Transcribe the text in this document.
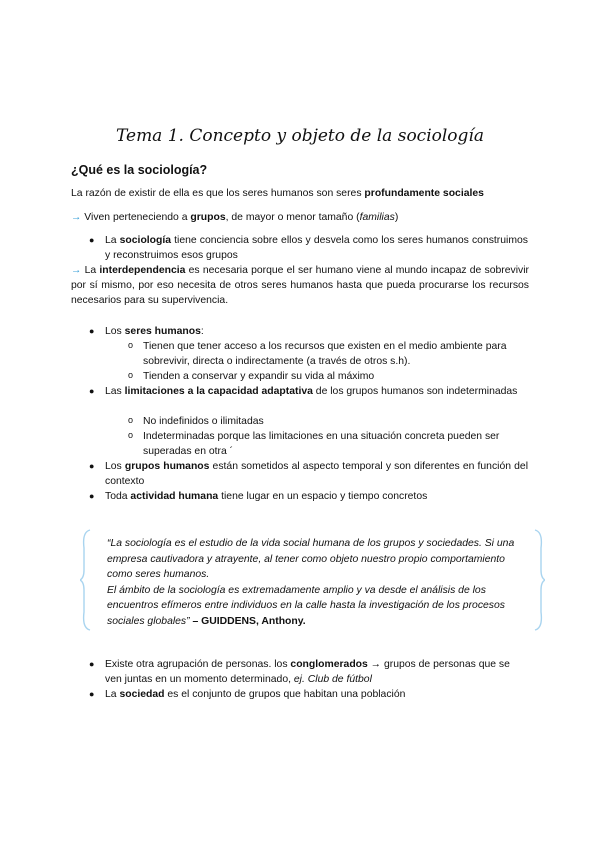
Tema 1. Concepto y objeto de la sociología
¿Qué es la sociología?
La razón de existir de ella es que los seres humanos son seres profundamente sociales
→ Viven perteneciendo a grupos, de mayor o menor tamaño (familias)
● La sociología tiene conciencia sobre ellos y desvela como los seres humanos construimos y reconstruimos esos grupos
→ La interdependencia es necesaria porque el ser humano viene al mundo incapaz de sobrevivir por sí mismo, por eso necesita de otros seres humanos hasta que pueda procurarse los recursos necesarios para su supervivencia.
● Los seres humanos:
o Tienen que tener acceso a los recursos que existen en el medio ambiente para sobrevivir, directa o indirectamente (a través de otros s.h).
o Tienden a conservar y expandir su vida al máximo
● Las limitaciones a la capacidad adaptativa de los grupos humanos son indeterminadas
o No indefinidos o ilimitadas
o Indeterminadas porque las limitaciones en una situación concreta pueden ser superadas en otra ´
● Los grupos humanos están sometidos al aspecto temporal y son diferentes en función del contexto
● Toda actividad humana tiene lugar en un espacio y tiempo concretos
“La sociología es el estudio de la vida social humana de los grupos y sociedades. Si una empresa cautivadora y atrayente, al tener como objeto nuestro propio comportamiento como seres humanos.
El ámbito de la sociología es extremadamente amplio y va desde el análisis de los encuentros efímeros entre individuos en la calle hasta la investigación de los procesos sociales globales” – GUIDDENS, Anthony.
● Existe otra agrupación de personas. los conglomerados → grupos de personas que se ven juntas en un momento determinado, ej. Club de fútbol
● La sociedad es el conjunto de grupos que habitan una población
